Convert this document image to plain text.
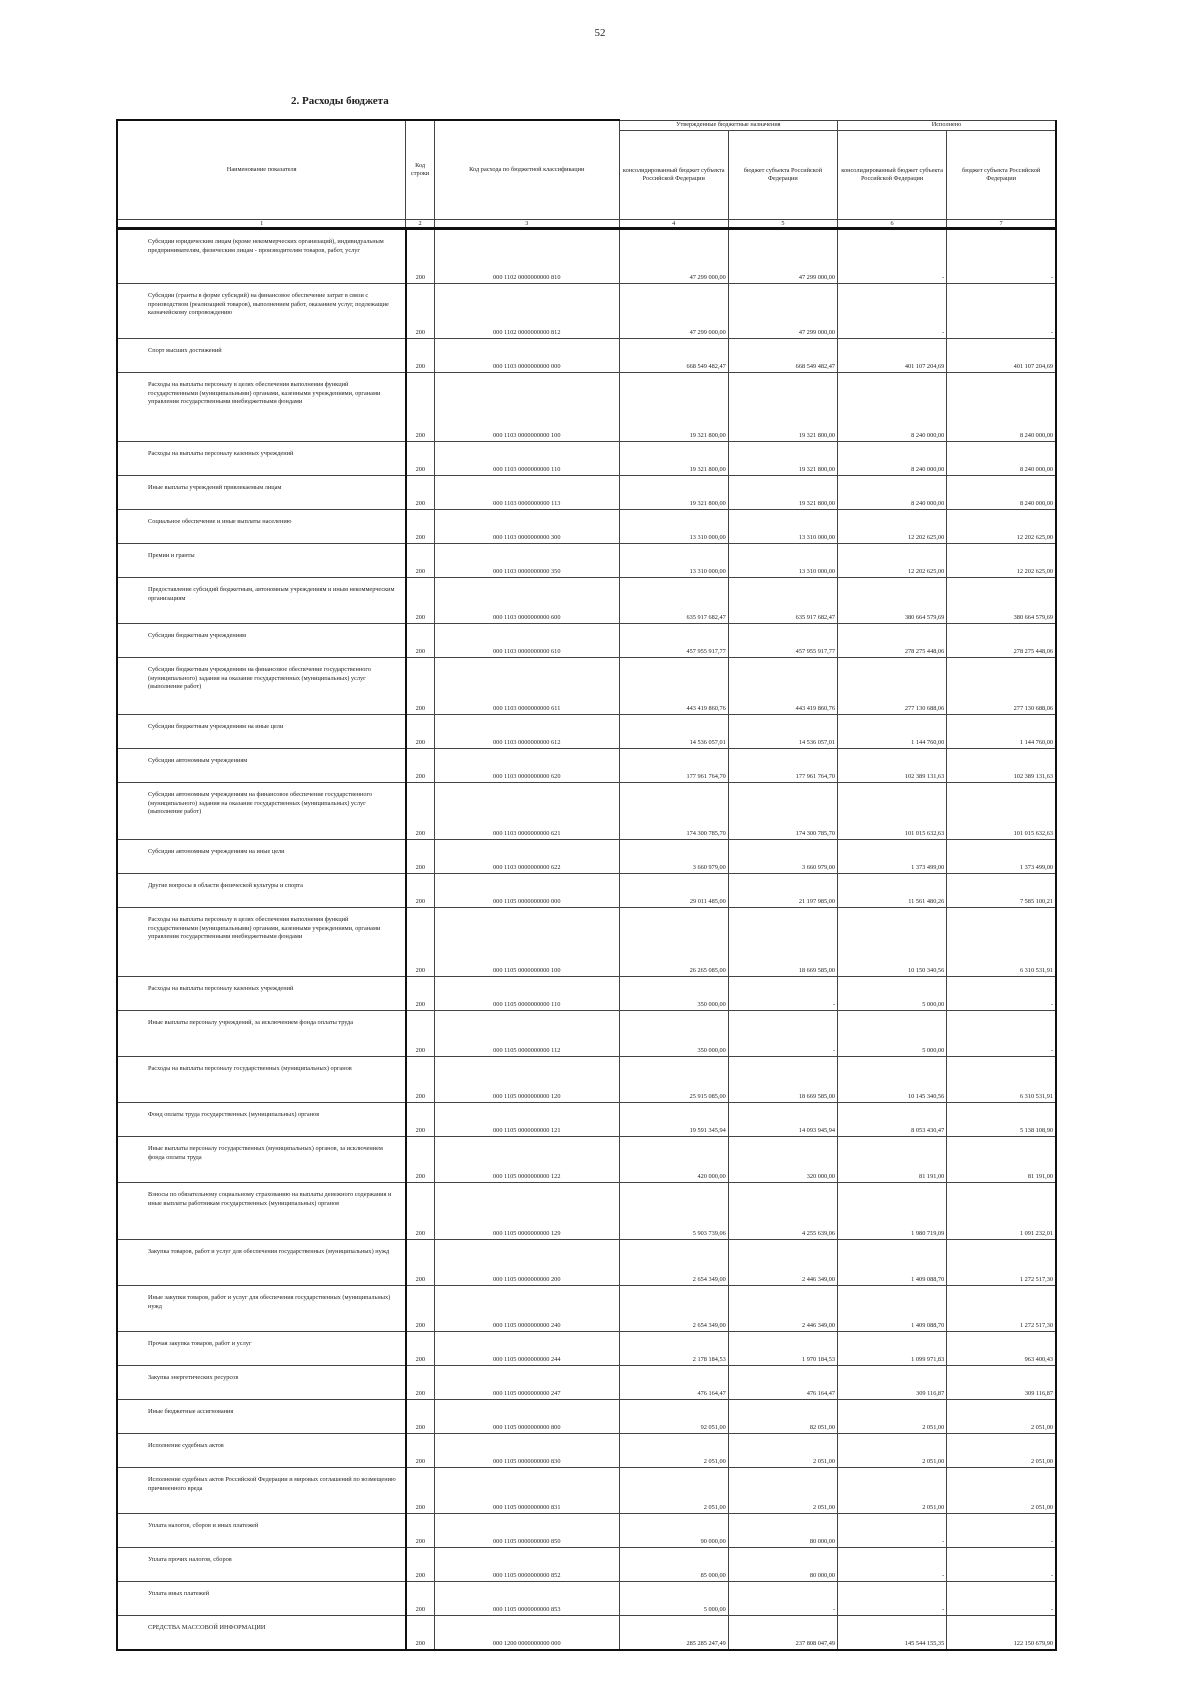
52
2. Расходы бюджета
Наименование показателя	Код строки	Код расхода по бюджетной классификации	Утвержденные бюджетные назначения		Исполнено	
			консолидированный бюджет субъекта Российской Федерации	бюджет субъекта Российской Федерации	консолидированный бюджет субъекта Российской Федерации	бюджет субъекта Российской Федерации
1	2	3	4	5	6	7
Субсидии юридическим лицам (кроме некоммерческих организаций), индивидуальным предпринимателям, физическим лицам - производителям товаров, работ, услуг	200	000 1102 0000000000 810	47 299 000,00	47 299 000,00	-	-
Субсидии (гранты в форме субсидий) на финансовое обеспечение затрат в связи с производством (реализацией товаров), выполнением работ, оказанием услуг, подлежащие казначейскому сопровождению	200	000 1102 0000000000 812	47 299 000,00	47 299 000,00	-	-
Спорт высших достижений	200	000 1103 0000000000 000	668 549 482,47	668 549 482,47	401 107 204,69	401 107 204,69
Расходы на выплаты персоналу в целях обеспечения выполнения функций государственными (муниципальными) органами, казенными учреждениями, органами управления государственными внебюджетными фондами	200	000 1103 0000000000 100	19 321 800,00	19 321 800,00	8 240 000,00	8 240 000,00
Расходы на выплаты персоналу казенных учреждений	200	000 1103 0000000000 110	19 321 800,00	19 321 800,00	8 240 000,00	8 240 000,00
Иные выплаты учреждений привлекаемым лицам	200	000 1103 0000000000 113	19 321 800,00	19 321 800,00	8 240 000,00	8 240 000,00
Социальное обеспечение и иные выплаты населению	200	000 1103 0000000000 300	13 310 000,00	13 310 000,00	12 202 625,00	12 202 625,00
Премии и гранты	200	000 1103 0000000000 350	13 310 000,00	13 310 000,00	12 202 625,00	12 202 625,00
Предоставление субсидий бюджетным, автономным учреждениям и иным некоммерческим организациям	200	000 1103 0000000000 600	635 917 682,47	635 917 682,47	380 664 579,69	380 664 579,69
Субсидии бюджетным учреждениям	200	000 1103 0000000000 610	457 955 917,77	457 955 917,77	278 275 448,06	278 275 448,06
Субсидии бюджетным учреждениям на финансовое обеспечение государственного (муниципального) задания на оказание государственных (муниципальных) услуг (выполнение работ)	200	000 1103 0000000000 611	443 419 860,76	443 419 860,76	277 130 688,06	277 130 688,06
Субсидии бюджетным учреждениям на иные цели	200	000 1103 0000000000 612	14 536 057,01	14 536 057,01	1 144 760,00	1 144 760,00
Субсидии автономным учреждениям	200	000 1103 0000000000 620	177 961 764,70	177 961 764,70	102 389 131,63	102 389 131,63
Субсидии автономным учреждениям на финансовое обеспечение государственного (муниципального) задания на оказание государственных (муниципальных) услуг (выполнение работ)	200	000 1103 0000000000 621	174 300 785,70	174 300 785,70	101 015 632,63	101 015 632,63
Субсидии автономным учреждениям на иные цели	200	000 1103 0000000000 622	3 660 979,00	3 660 979,00	1 373 499,00	1 373 499,00
Другие вопросы в области физической культуры и спорта	200	000 1105 0000000000 000	29 011 485,00	21 197 985,00	11 561 480,26	7 585 100,21
Расходы на выплаты персоналу в целях обеспечения выполнения функций государственными (муниципальными) органами, казенными учреждениями, органами управления государственными внебюджетными фондами	200	000 1105 0000000000 100	26 265 085,00	18 669 585,00	10 150 340,56	6 310 531,91
Расходы на выплаты персоналу казенных учреждений	200	000 1105 0000000000 110	350 000,00	-	5 000,00	-
Иные выплаты персоналу учреждений, за исключением фонда оплаты труда	200	000 1105 0000000000 112	350 000,00	-	5 000,00	-
Расходы на выплаты персоналу государственных (муниципальных) органов	200	000 1105 0000000000 120	25 915 085,00	18 669 585,00	10 145 340,56	6 310 531,91
Фонд оплаты труда государственных (муниципальных) органов	200	000 1105 0000000000 121	19 591 345,94	14 093 945,94	8 053 430,47	5 138 108,90
Иные выплаты персоналу государственных (муниципальных) органов, за исключением фонда оплаты труда	200	000 1105 0000000000 122	420 000,00	320 000,00	81 191,00	81 191,00
Взносы по обязательному социальному страхованию на выплаты денежного содержания и иные выплаты работникам государственных (муниципальных) органов	200	000 1105 0000000000 129	5 903 739,06	4 255 639,06	1 980 719,09	1 091 232,01
Закупка товаров, работ и услуг для обеспечения государственных (муниципальных) нужд	200	000 1105 0000000000 200	2 654 349,00	2 446 349,00	1 409 088,70	1 272 517,30
Иные закупки товаров, работ и услуг для обеспечения государственных (муниципальных) нужд	200	000 1105 0000000000 240	2 654 349,00	2 446 349,00	1 409 088,70	1 272 517,30
Прочая закупка товаров, работ и услуг	200	000 1105 0000000000 244	2 178 184,53	1 970 184,53	1 099 971,83	963 400,43
Закупка энергетических ресурсов	200	000 1105 0000000000 247	476 164,47	476 164,47	309 116,87	309 116,87
Иные бюджетные ассигнования	200	000 1105 0000000000 800	92 051,00	82 051,00	2 051,00	2 051,00
Исполнение судебных актов	200	000 1105 0000000000 830	2 051,00	2 051,00	2 051,00	2 051,00
Исполнение судебных актов Российской Федерации и мировых соглашений по возмещению причиненного вреда	200	000 1105 0000000000 831	2 051,00	2 051,00	2 051,00	2 051,00
Уплата налогов, сборов и иных платежей	200	000 1105 0000000000 850	90 000,00	80 000,00	-	-
Уплата прочих налогов, сборов	200	000 1105 0000000000 852	85 000,00	80 000,00	-	-
Уплата иных платежей	200	000 1105 0000000000 853	5 000,00	-	-	-
СРЕДСТВА МАССОВОЙ ИНФОРМАЦИИ	200	000 1200 0000000000 000	285 285 247,49	237 808 047,49	145 544 155,35	122 150 679,90
